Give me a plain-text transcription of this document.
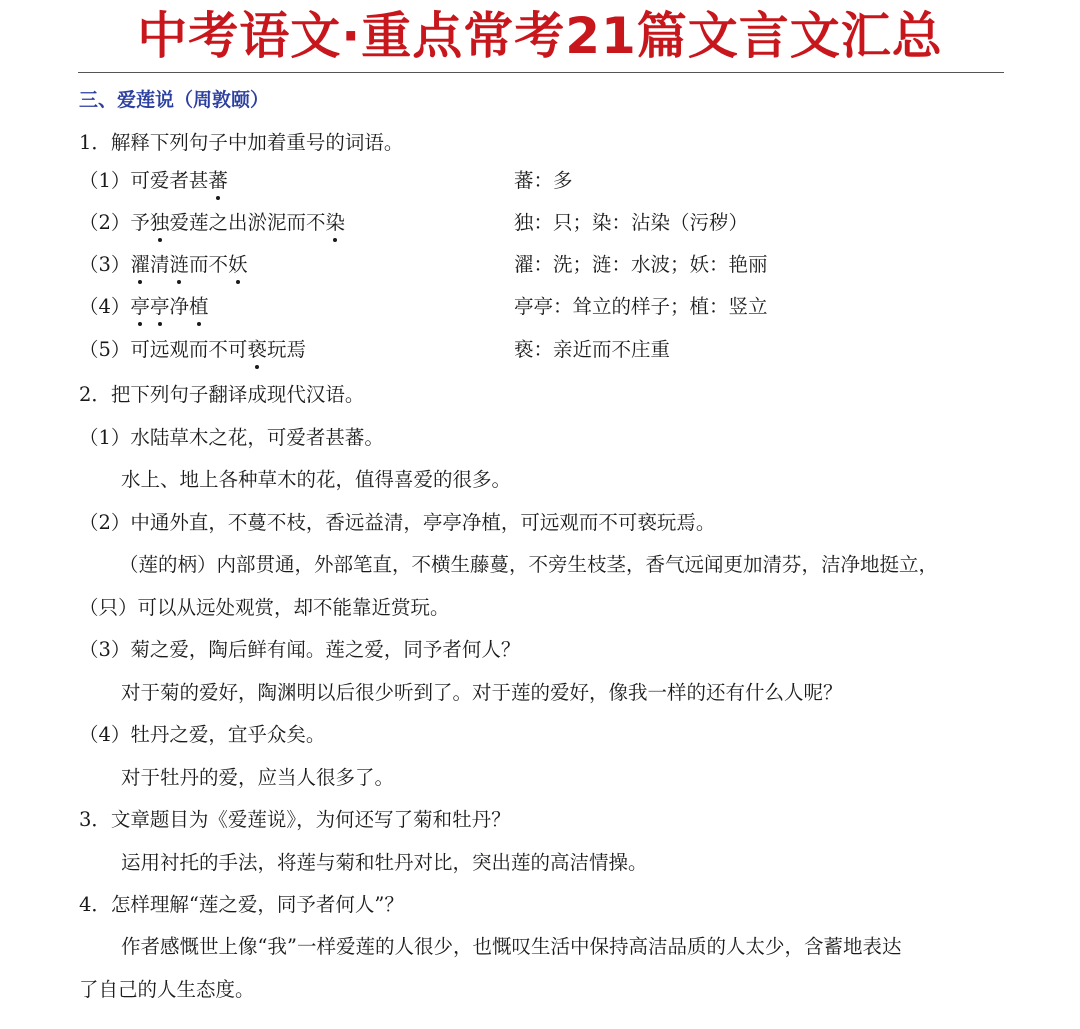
中考语文·重点常考21篇文言文汇总
三、爱莲说（周敦颐）
1．解释下列句子中加着重号的词语。
（1）可爱者甚蕃	蕃：多
（2）予独爱莲之出淤泥而不染	独：只；染：沾染（污秽）
（3）濯清涟而不妖	濯：洗；涟：水波；妖：艳丽
（4）亭亭净植	亭亭：耸立的样子；植：竖立
（5）可远观而不可亵玩焉	亵：亲近而不庄重
2．把下列句子翻译成现代汉语。
（1）水陆草木之花，可爱者甚蕃。
水上、地上各种草木的花，值得喜爱的很多。
（2）中通外直，不蔓不枝，香远益清，亭亭净植，可远观而不可亵玩焉。
（莲的柄）内部贯通，外部笔直，不横生藤蔓，不旁生枝茎，香气远闻更加清芬，洁净地挺立，
（只）可以从远处观赏，却不能靠近赏玩。
（3）菊之爱，陶后鲜有闻。莲之爱，同予者何人？
对于菊的爱好，陶渊明以后很少听到了。对于莲的爱好，像我一样的还有什么人呢？
（4）牡丹之爱，宜乎众矣。
对于牡丹的爱，应当人很多了。
3．文章题目为《爱莲说》，为何还写了菊和牡丹？
运用衬托的手法，将莲与菊和牡丹对比，突出莲的高洁情操。
4．怎样理解“莲之爱，同予者何人”？
作者感慨世上像“我”一样爱莲的人很少，也慨叹生活中保持高洁品质的人太少，含蓄地表达
了自己的人生态度。
